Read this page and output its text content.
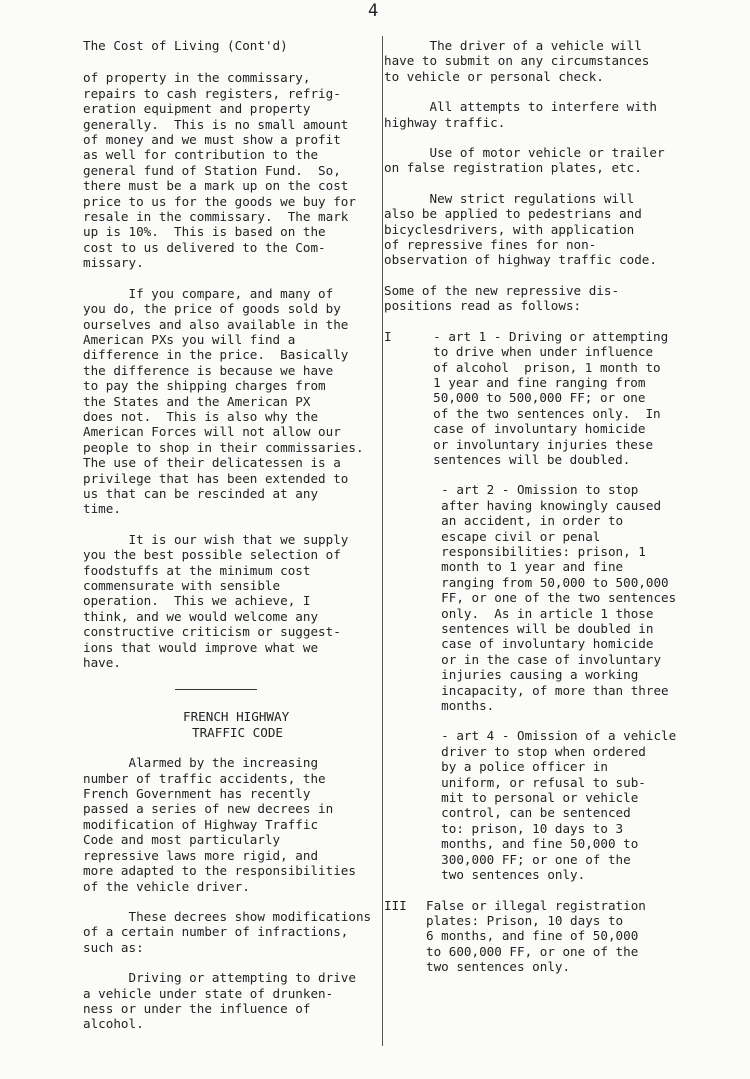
4

The Cost of Living (Cont'd)

of property in the commissary,
repairs to cash registers, refrig-
eration equipment and property
generally.  This is no small amount
of money and we must show a profit
as well for contribution to the
general fund of Station Fund.  So,
there must be a mark up on the cost
price to us for the goods we buy for
resale in the commissary.  The mark
up is 10%.  This is based on the
cost to us delivered to the Com-
missary.

If you compare, and many of
you do, the price of goods sold by
ourselves and also available in the
American PXs you will find a
difference in the price.  Basically
the difference is because we have
to pay the shipping charges from
the States and the American PX
does not.  This is also why the
American Forces will not allow our
people to shop in their commissaries.
The use of their delicatessen is a
privilege that has been extended to
us that can be rescinded at any
time.

It is our wish that we supply
you the best possible selection of
foodstuffs at the minimum cost
commensurate with sensible
operation.  This we achieve, I
think, and we would welcome any
constructive criticism or suggest-
ions that would improve what we
have.

FRENCH HIGHWAY

TRAFFIC CODE

Alarmed by the increasing
number of traffic accidents, the
French Government has recently
passed a series of new decrees in
modification of Highway Traffic
Code and most particularly
repressive laws more rigid, and
more adapted to the responsibilities
of the vehicle driver.

These decrees show modifications
of a certain number of infractions,
such as:

Driving or attempting to drive
a vehicle under state of drunken-
ness or under the influence of
alcohol.

The driver of a vehicle will
have to submit on any circumstances
to vehicle or personal check.

All attempts to interfere with
highway traffic.

Use of motor vehicle or trailer
on false registration plates, etc.

New strict regulations will
also be applied to pedestrians and
bicyclesdrivers, with application
of repressive fines for non-
observation of highway traffic code.

Some of the new repressive dis-
positions read as follows:

I	- art 1 - Driving or attempting
to drive when under influence
of alcohol  prison, 1 month to
1 year and fine ranging from
50,000 to 500,000 FF; or one
of the two sentences only.  In
case of involuntary homicide
or involuntary injuries these
sentences will be doubled.

- art 2 - Omission to stop
after having knowingly caused
an accident, in order to
escape civil or penal
responsibilities: prison, 1
month to 1 year and fine
ranging from 50,000 to 500,000
FF, or one of the two sentences
only.  As in article 1 those
sentences will be doubled in
case of involuntary homicide
or in the case of involuntary
injuries causing a working
incapacity, of more than three
months.

- art 4 - Omission of a vehicle
driver to stop when ordered
by a police officer in
uniform, or refusal to sub-
mit to personal or vehicle
control, can be sentenced
to: prison, 10 days to 3
months, and fine 50,000 to
300,000 FF; or one of the
two sentences only.

III	False or illegal registration
plates: Prison, 10 days to
6 months, and fine of 50,000
to 600,000 FF, or one of the
two sentences only.
